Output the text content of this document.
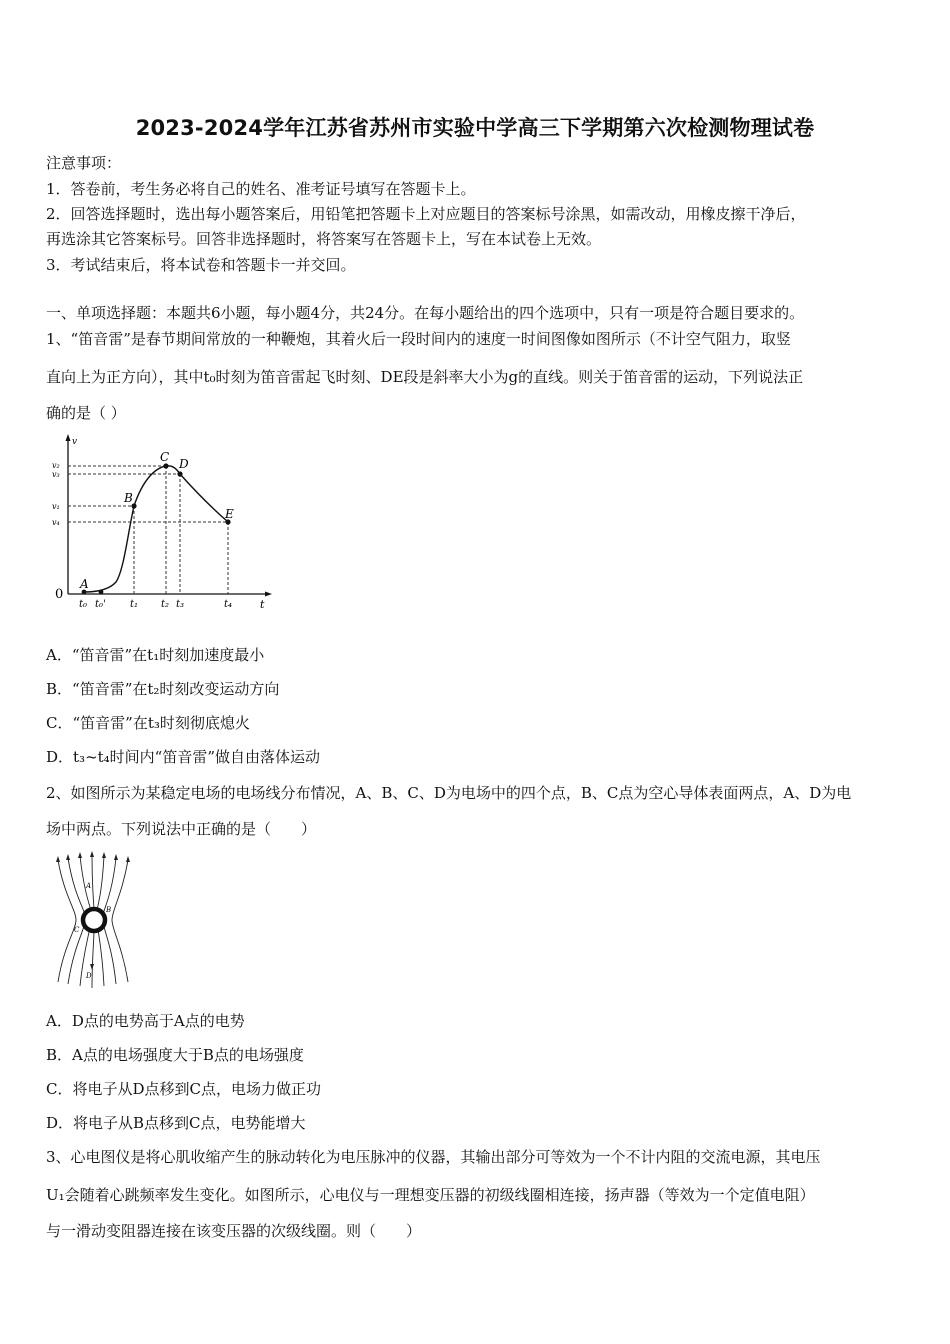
2023-2024学年江苏省苏州市实验中学高三下学期第六次检测物理试卷
注意事项：
1．答卷前，考生务必将自己的姓名、准考证号填写在答题卡上。
2．回答选择题时，选出每小题答案后，用铅笔把答题卡上对应题目的答案标号涂黑，如需改动，用橡皮擦干净后，
再选涂其它答案标号。回答非选择题时，将答案写在答题卡上，写在本试卷上无效。
3．考试结束后，将本试卷和答题卡一并交回。
一、单项选择题：本题共6小题，每小题4分，共24分。在每小题给出的四个选项中，只有一项是符合题目要求的。
1、“笛音雷”是春节期间常放的一种鞭炮，其着火后一段时间内的速度一时间图像如图所示（不计空气阻力，取竖
直向上为正方向），其中t₀时刻为笛音雷起飞时刻、DE段是斜率大小为g的直线。则关于笛音雷的运动，下列说法正
确的是（ ）
v
t
0
v₂
v₃
v₁
v₄
t₀ t₀' t₁ t₂ t₃	t₄
A
B
C D
E
A．“笛音雷”在t₁时刻加速度最小
B．“笛音雷”在t₂时刻改变运动方向
C．“笛音雷”在t₃时刻彻底熄火
D．t₃~t₄时间内“笛音雷”做自由落体运动
2、如图所示为某稳定电场的电场线分布情况，A、B、C、D为电场中的四个点，B、C点为空心导体表面两点，A、D为电
场中两点。下列说法中正确的是（　　）
A
B
C
D
A．D点的电势高于A点的电势
B．A点的电场强度大于B点的电场强度
C．将电子从D点移到C点，电场力做正功
D．将电子从B点移到C点，电势能增大
3、心电图仪是将心肌收缩产生的脉动转化为电压脉冲的仪器，其输出部分可等效为一个不计内阻的交流电源，其电压
U₁会随着心跳频率发生变化。如图所示，心电仪与一理想变压器的初级线圈相连接，扬声器（等效为一个定值电阻）
与一滑动变阻器连接在该变压器的次级线圈。则（　　）
